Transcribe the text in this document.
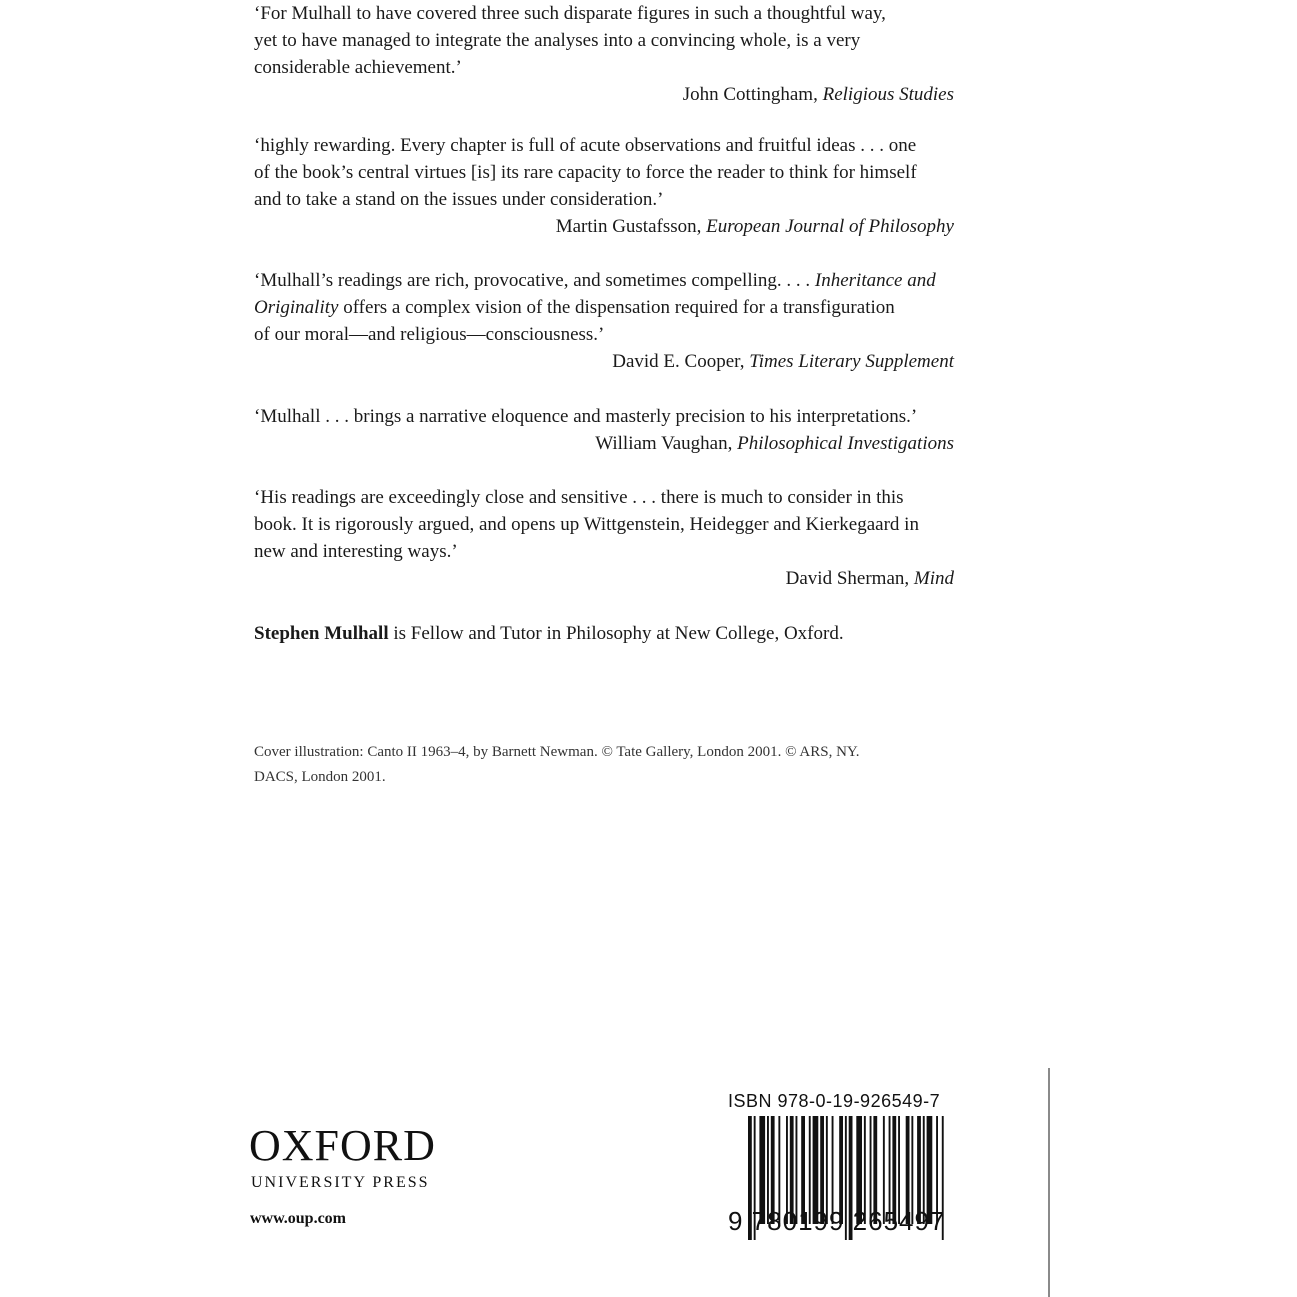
‘For Mulhall to have covered three such disparate figures in such a thoughtful way,
yet to have managed to integrate the analyses into a convincing whole, is a very
considerable achievement.’

John Cottingham, Religious Studies

‘highly rewarding. Every chapter is full of acute observations and fruitful ideas . . . one
of the book’s central virtues [is] its rare capacity to force the reader to think for himself
and to take a stand on the issues under consideration.’

Martin Gustafsson, European Journal of Philosophy

‘Mulhall’s readings are rich, provocative, and sometimes compelling. . . . Inheritance and
Originality offers a complex vision of the dispensation required for a transfiguration
of our moral—and religious—consciousness.’

David E. Cooper, Times Literary Supplement

‘Mulhall . . . brings a narrative eloquence and masterly precision to his interpretations.’

William Vaughan, Philosophical Investigations

‘His readings are exceedingly close and sensitive . . . there is much to consider in this
book. It is rigorously argued, and opens up Wittgenstein, Heidegger and Kierkegaard in
new and interesting ways.’

David Sherman, Mind

Stephen Mulhall is Fellow and Tutor in Philosophy at New College, Oxford.

Cover illustration: Canto II 1963–4, by Barnett Newman. © Tate Gallery, London 2001. © ARS, NY.
DACS, London 2001.

OXFORD

UNIVERSITY PRESS

www.oup.com

ISBN 978-0-19-926549-7

9 780199 265497
